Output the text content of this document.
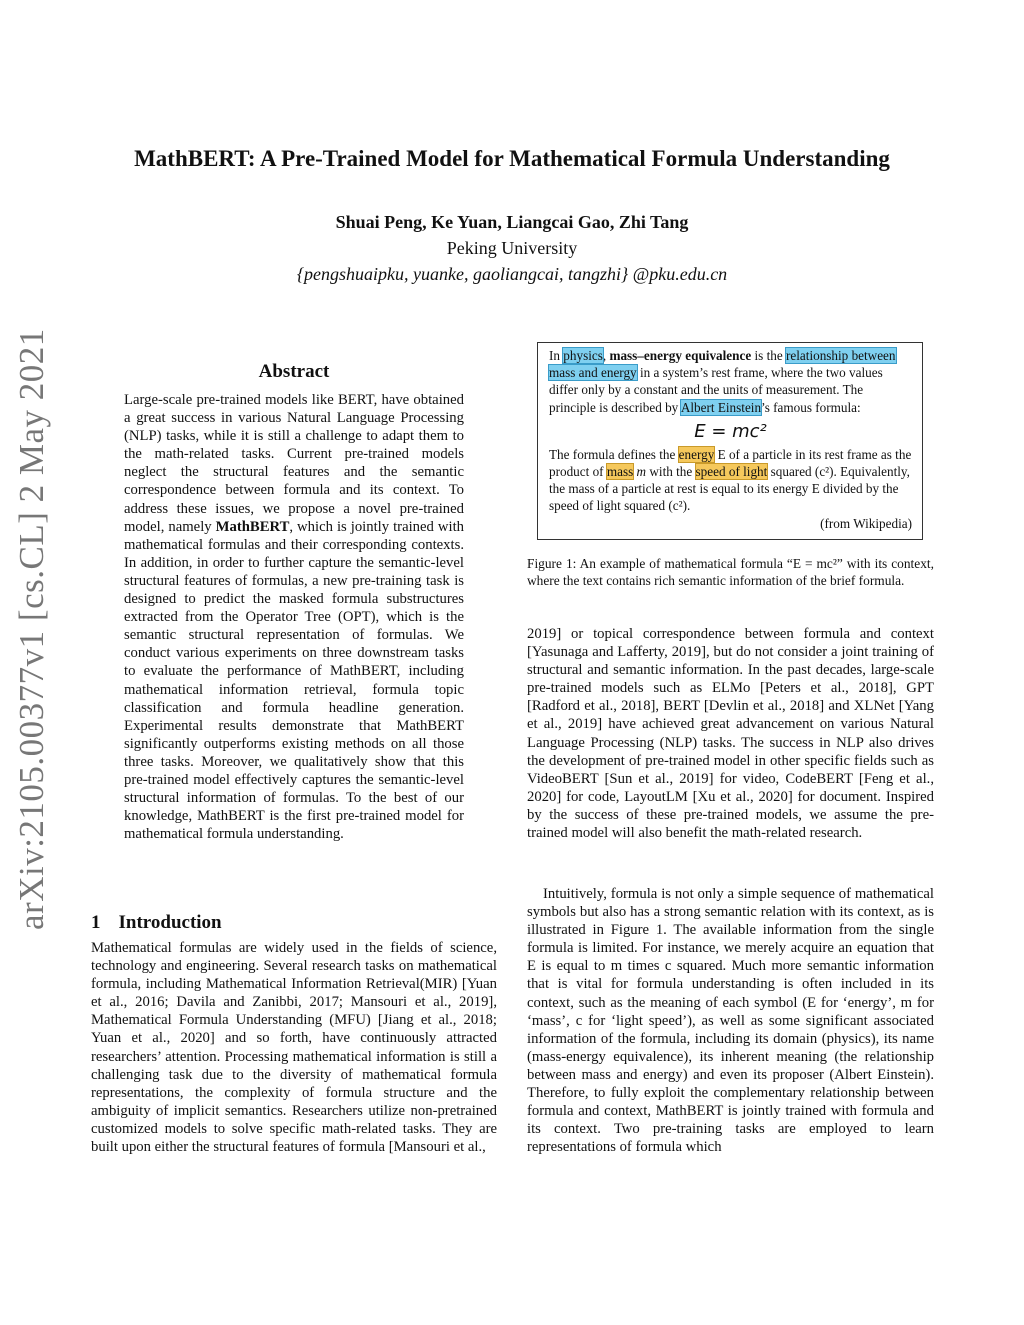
arXiv:2105.00377v1 [cs.CL] 2 May 2021
MathBERT: A Pre-Trained Model for Mathematical Formula Understanding
Shuai Peng, Ke Yuan, Liangcai Gao, Zhi Tang
Peking University
{pengshuaipku, yuanke, gaoliangcai, tangzhi} @pku.edu.cn
Abstract
Large-scale pre-trained models like BERT, have obtained a great success in various Natural Language Processing (NLP) tasks, while it is still a challenge to adapt them to the math-related tasks. Current pre-trained models neglect the structural features and the semantic correspondence between formula and its context. To address these issues, we propose a novel pre-trained model, namely MathBERT, which is jointly trained with mathematical formulas and their corresponding contexts. In addition, in order to further capture the semantic-level structural features of formulas, a new pre-training task is designed to predict the masked formula substructures extracted from the Operator Tree (OPT), which is the semantic structural representation of formulas. We conduct various experiments on three downstream tasks to evaluate the performance of MathBERT, including mathematical information retrieval, formula topic classification and formula headline generation. Experimental results demonstrate that MathBERT significantly outperforms existing methods on all those three tasks. Moreover, we qualitatively show that this pre-trained model effectively captures the semantic-level structural information of formulas. To the best of our knowledge, MathBERT is the first pre-trained model for mathematical formula understanding.
1 Introduction
Mathematical formulas are widely used in the fields of science, technology and engineering. Several research tasks on mathematical formula, including Mathematical Information Retrieval(MIR) [Yuan et al., 2016; Davila and Zanibbi, 2017; Mansouri et al., 2019], Mathematical Formula Understanding (MFU) [Jiang et al., 2018; Yuan et al., 2020] and so forth, have continuously attracted researchers’ attention. Processing mathematical information is still a challenging task due to the diversity of mathematical formula representations, the complexity of formula structure and the ambiguity of implicit semantics. Researchers utilize non-pretrained customized models to solve specific math-related tasks. They are built upon either the structural features of formula [Mansouri et al.,
In physics, mass–energy equivalence is the relationship between mass and energy in a system’s rest frame, where the two values differ only by a constant and the units of measurement. The principle is described by Albert Einstein’s famous formula:
E = mc²
The formula defines the energy E of a particle in its rest frame as the product of mass m with the speed of light squared (c²). Equivalently, the mass of a particle at rest is equal to its energy E divided by the speed of light squared (c²).
(from Wikipedia)
Figure 1: An example of mathematical formula “E = mc²” with its context, where the text contains rich semantic information of the brief formula.
2019] or topical correspondence between formula and context [Yasunaga and Lafferty, 2019], but do not consider a joint training of structural and semantic information. In the past decades, large-scale pre-trained models such as ELMo [Peters et al., 2018], GPT [Radford et al., 2018], BERT [Devlin et al., 2018] and XLNet [Yang et al., 2019] have achieved great advancement on various Natural Language Processing (NLP) tasks. The success in NLP also drives the development of pre-trained model in other specific fields such as VideoBERT [Sun et al., 2019] for video, CodeBERT [Feng et al., 2020] for code, LayoutLM [Xu et al., 2020] for document. Inspired by the success of these pre-trained models, we assume the pre-trained model will also benefit the math-related research.
Intuitively, formula is not only a simple sequence of mathematical symbols but also has a strong semantic relation with its context, as is illustrated in Figure 1. The available information from the single formula is limited. For instance, we merely acquire an equation that E is equal to m times c squared. Much more semantic information that is vital for formula understanding is often included in its context, such as the meaning of each symbol (E for ‘energy’, m for ‘mass’, c for ‘light speed’), as well as some significant associated information of the formula, including its domain (physics), its name (mass-energy equivalence), its inherent meaning (the relationship between mass and energy) and even its proposer (Albert Einstein). Therefore, to fully exploit the complementary relationship between formula and context, MathBERT is jointly trained with formula and its context. Two pre-training tasks are employed to learn representations of formula which
